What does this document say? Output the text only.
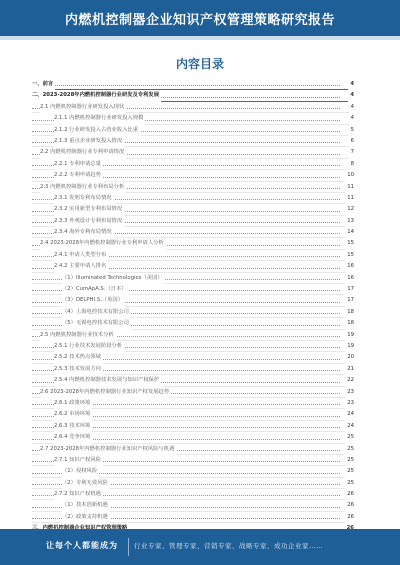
内燃机控制器企业知识产权管理策略研究报告
内容目录
一、前言	4
二、2023-2028年内燃机控制器行业研发及专利发展	4
2.1 内燃机控制器行业研发投入现状	4
2.1.1 内燃机控制器行业研发投入规模	4
2.1.2 行业研发投入占营业收入比重	5
2.1.3 重点企业研发投入情况	6
2.2 内燃机控制器行业专利申请情况	7
2.2.1 专利申请总量	8
2.2.2 专利申请趋势	10
2.3 内燃机控制器行业专利布局分析	11
2.3.1 发明专利布局情况	11
2.3.2 实用新型专利布局情况	12
2.3.3 外观设计专利布局情况	13
2.3.4 海外专利布局情况	14
2.4 2023-2028年内燃机控制器行业专利申请人分析	15
2.4.1 申请人类型分布	15
2.4.2 主要申请人排名	16
（1）Illuminated Technologies（美国）	16
（2）CumApA.S.（日本）	17
（3）DELPHI.S.（英国）	17
（4）上海电控技术有限公司	18
（5）无锡电控技术有限公司	18
2.5 内燃机控制器行业技术分析	19
2.5.1 行业技术发展阶段分析	19
2.5.2 技术热点领域	20
2.5.3 技术发展方向	21
2.5.4 内燃机控制器技术发展与知识产权保护	22
2.6 2023-2028年内燃机控制器行业知识产权发展趋势	23
2.6.1 政策环境	23
2.6.2 市场环境	24
2.6.3 技术环境	24
2.6.4 竞争环境	25
2.7 2023-2028年内燃机控制器行业知识产权风险与机遇	25
2.7.1 知识产权风险	25
（1）侵权风险	25
（2）专利无效风险	25
2.7.2 知识产权机遇	26
（1）技术创新机遇	26
（2）政策支持机遇	26
让每个人都能成为 行业专家、管理专家、营销专家、战略专家、成功企业家……
